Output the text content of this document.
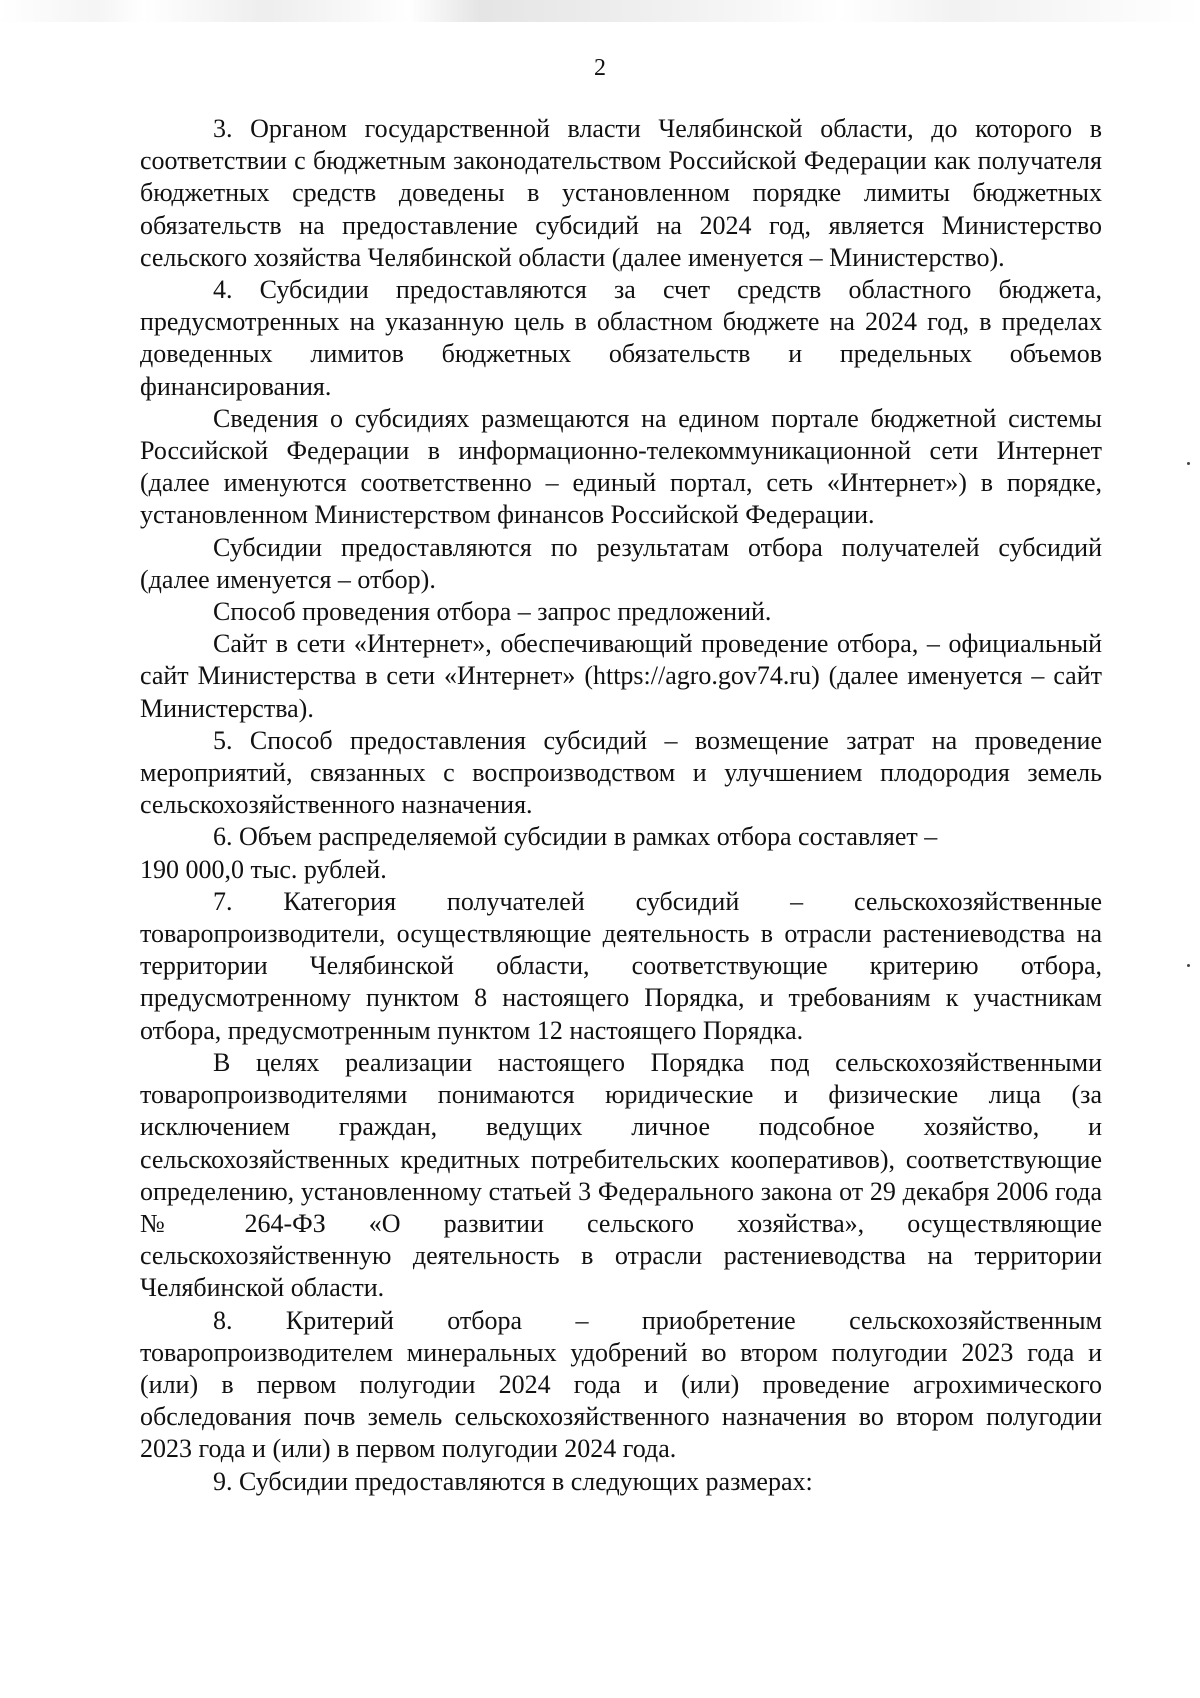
2

3. Органом государственной власти Челябинской области, до которого в соответствии с бюджетным законодательством Российской Федерации как получателя бюджетных средств доведены в установленном порядке лимиты бюджетных обязательств на предоставление субсидий на 2024 год, является Министерство сельского хозяйства Челябинской области (далее именуется – Министерство).

4. Субсидии предоставляются за счет средств областного бюджета, предусмотренных на указанную цель в областном бюджете на 2024 год, в пределах доведенных лимитов бюджетных обязательств и предельных объемов финансирования.

Сведения о субсидиях размещаются на едином портале бюджетной системы Российской Федерации в информационно-телекоммуникационной сети Интернет (далее именуются соответственно – единый портал, сеть «Интернет») в порядке, установленном Министерством финансов Российской Федерации.

Субсидии предоставляются по результатам отбора получателей субсидий (далее именуется – отбор).

Способ проведения отбора – запрос предложений.

Сайт в сети «Интернет», обеспечивающий проведение отбора, – официальный сайт Министерства в сети «Интернет» (https://agro.gov74.ru) (далее именуется – сайт Министерства).

5. Способ предоставления субсидий – возмещение затрат на проведение мероприятий, связанных с воспроизводством и улучшением плодородия земель сельскохозяйственного назначения.

6. Объем распределяемой субсидии в рамках отбора составляет –

190 000,0 тыс. рублей.

7. Категория получателей субсидий – сельскохозяйственные товаропроизводители, осуществляющие деятельность в отрасли растениеводства на территории Челябинской области, соответствующие критерию отбора, предусмотренному пунктом 8 настоящего Порядка, и требованиям к участникам отбора, предусмотренным пунктом 12 настоящего Порядка.

В целях реализации настоящего Порядка под сельскохозяйственными товаропроизводителями понимаются юридические и физические лица (за исключением граждан, ведущих личное подсобное хозяйство, и сельскохозяйственных кредитных потребительских кооперативов), соответствующие определению, установленному статьей 3 Федерального закона от 29 декабря 2006 года № 264-ФЗ «О развитии сельского хозяйства», осуществляющие сельскохозяйственную деятельность в отрасли растениеводства на территории Челябинской области.

8. Критерий отбора – приобретение сельскохозяйственным товаропроизводителем минеральных удобрений во втором полугодии 2023 года и (или) в первом полугодии 2024 года и (или) проведение агрохимического обследования почв земель сельскохозяйственного назначения во втором полугодии 2023 года и (или) в первом полугодии 2024 года.

9. Субсидии предоставляются в следующих размерах:
